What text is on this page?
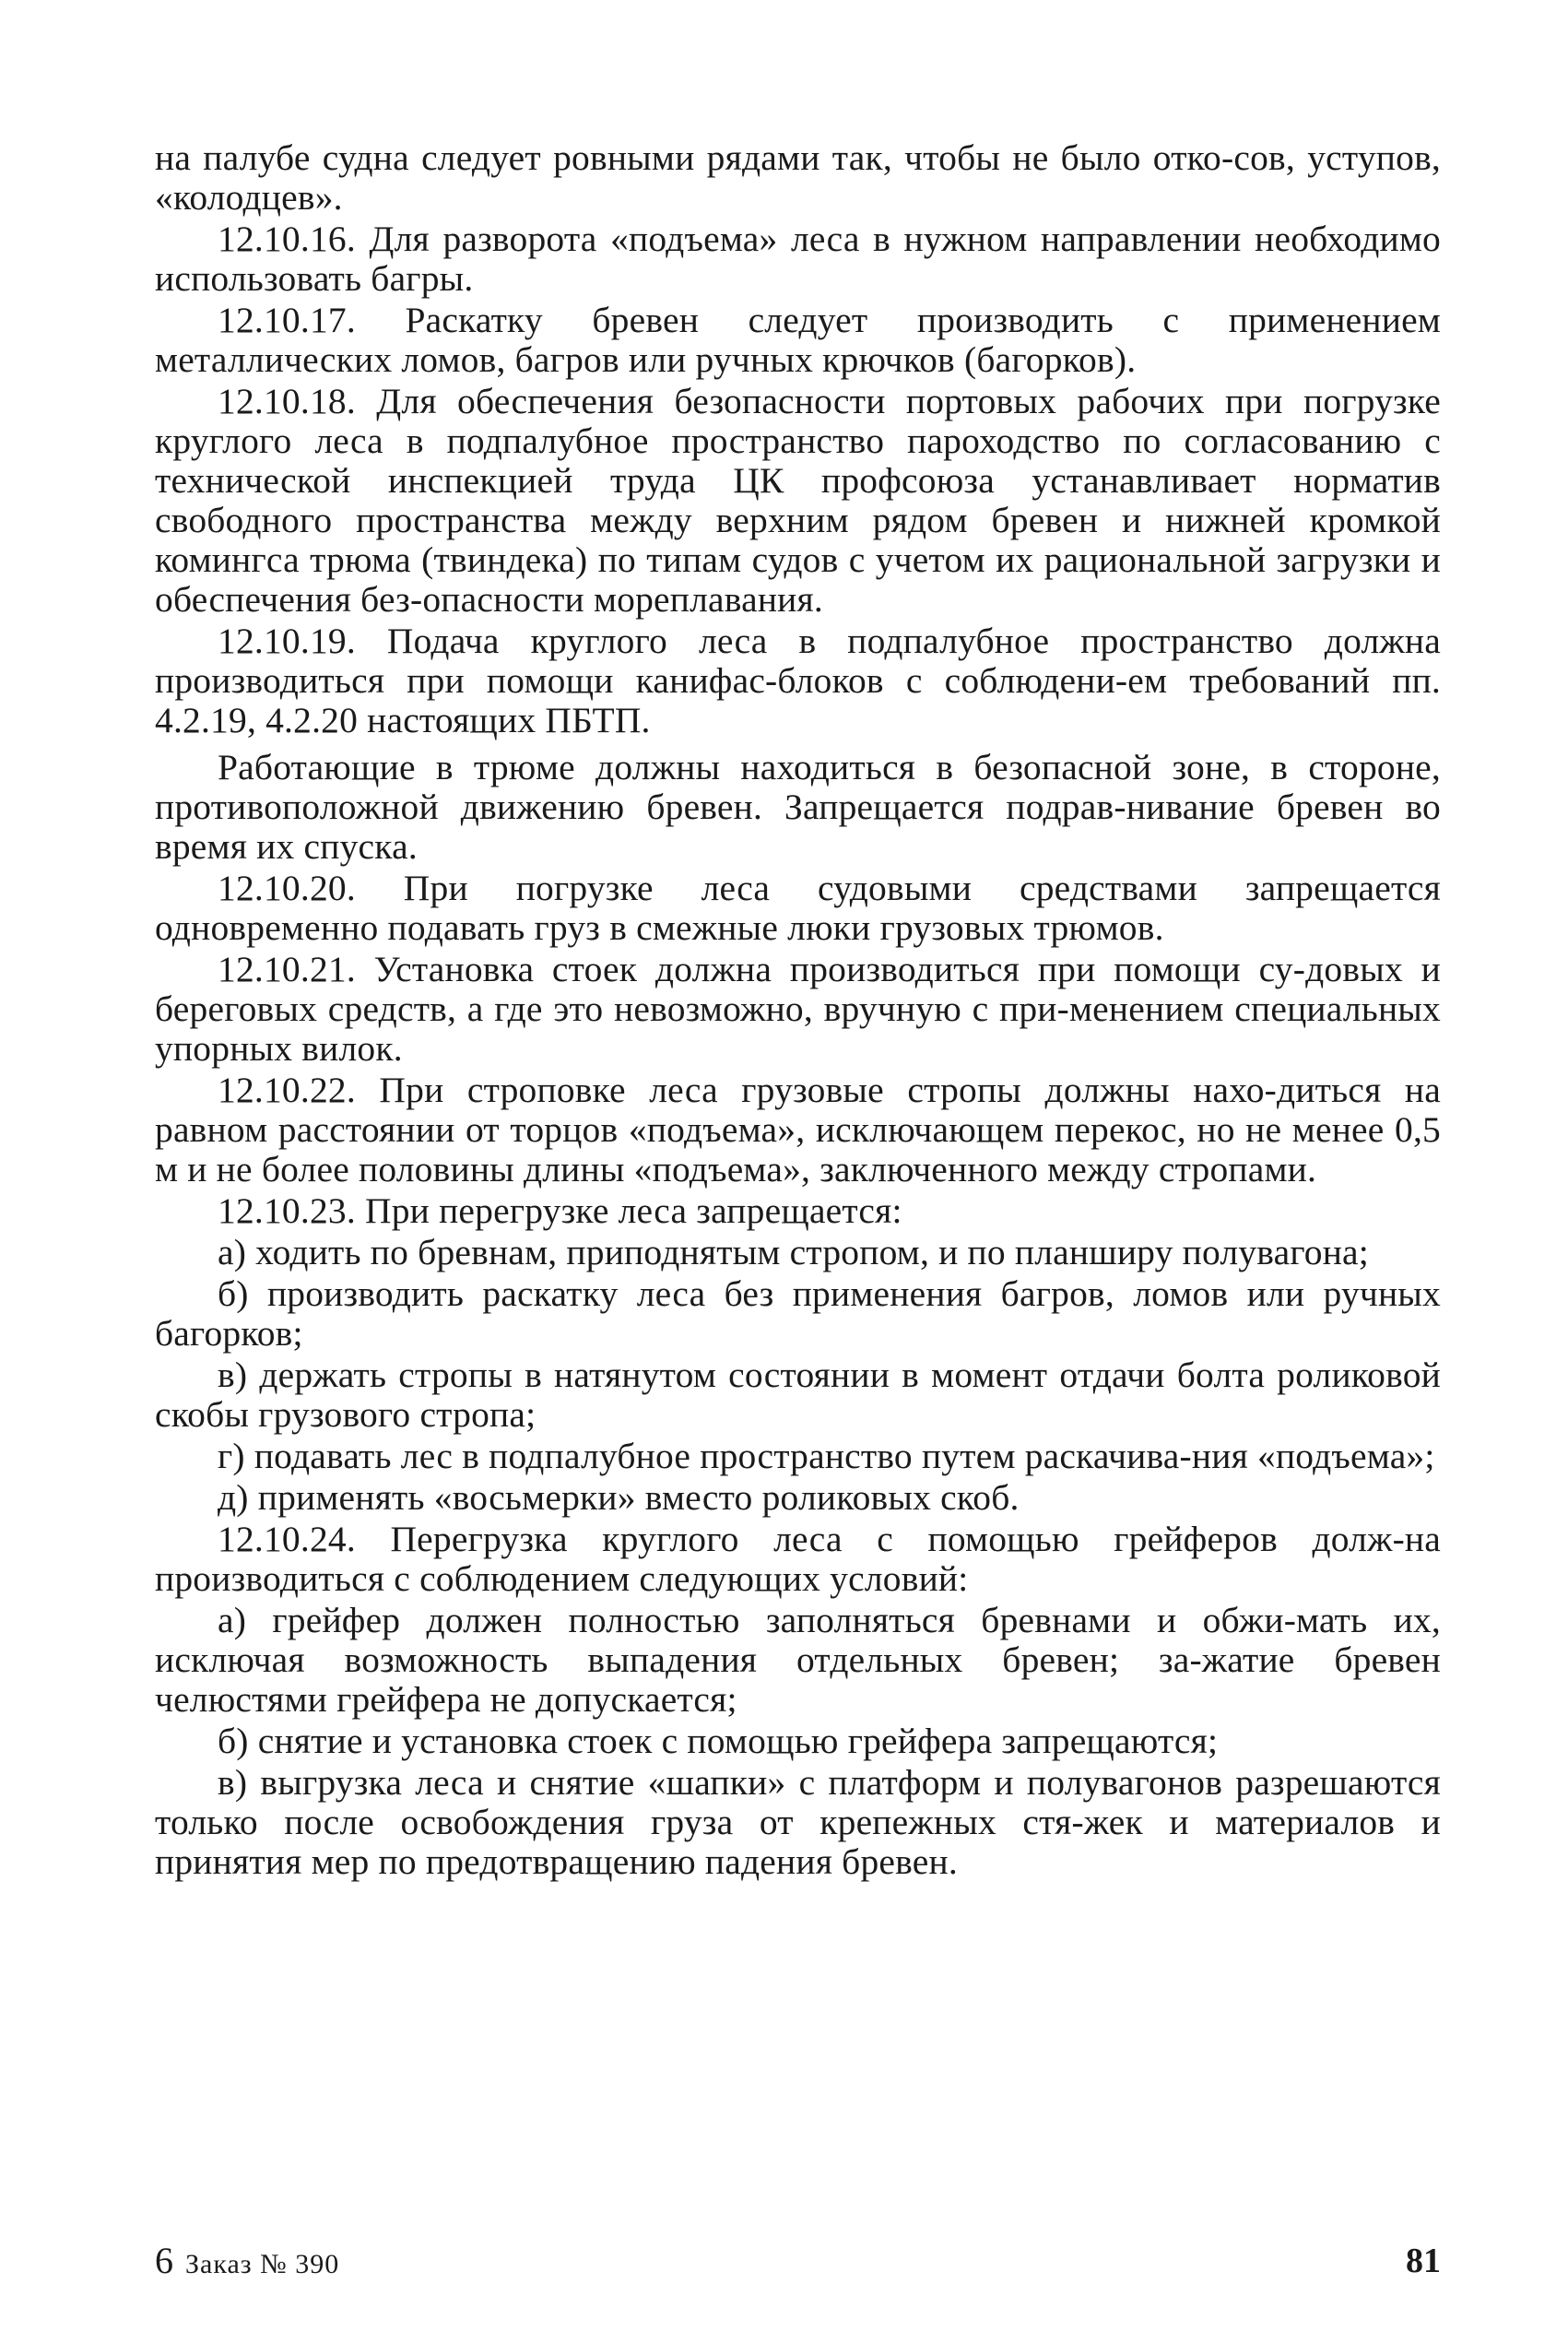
на палубе судна следует ровными рядами так, чтобы не было отко-сов, уступов, «колодцев».

12.10.16. Для разворота «подъема» леса в нужном направлении необходимо использовать багры.

12.10.17. Раскатку бревен следует производить с применением металлических ломов, багров или ручных крючков (багорков).

12.10.18. Для обеспечения безопасности портовых рабочих при погрузке круглого леса в подпалубное пространство пароходство по согласованию с технической инспекцией труда ЦК профсоюза устанавливает норматив свободного пространства между верхним рядом бревен и нижней кромкой комингса трюма (твиндека) по типам судов с учетом их рациональной загрузки и обеспечения без-опасности мореплавания.

12.10.19. Подача круглого леса в подпалубное пространство должна производиться при помощи канифас-блоков с соблюдени-ем требований пп. 4.2.19, 4.2.20 настоящих ПБТП.

Работающие в трюме должны находиться в безопасной зоне, в стороне, противоположной движению бревен. Запрещается подрав-нивание бревен во время их спуска.

12.10.20. При погрузке леса судовыми средствами запрещается одновременно подавать груз в смежные люки грузовых трюмов.

12.10.21. Установка стоек должна производиться при помощи су-довых и береговых средств, а где это невозможно, вручную с при-менением специальных упорных вилок.

12.10.22. При строповке леса грузовые стропы должны нахо-диться на равном расстоянии от торцов «подъема», исключающем перекос, но не менее 0,5 м и не более половины длины «подъема», заключенного между стропами.

12.10.23. При перегрузке леса запрещается:

а) ходить по бревнам, приподнятым стропом, и по планширу полувагона;

б) производить раскатку леса без применения багров, ломов или ручных багорков;

в) держать стропы в натянутом состоянии в момент отдачи болта роликовой скобы грузового стропа;

г) подавать лес в подпалубное пространство путем раскачива-ния «подъема»;

д) применять «восьмерки» вместо роликовых скоб.

12.10.24. Перегрузка круглого леса с помощью грейферов долж-на производиться с соблюдением следующих условий:

а) грейфер должен полностью заполняться бревнами и обжи-мать их, исключая возможность выпадения отдельных бревен; за-жатие бревен челюстями грейфера не допускается;

б) снятие и установка стоек с помощью грейфера запрещаются;

в) выгрузка леса и снятие «шапки» с платформ и полувагонов разрешаются только после освобождения груза от крепежных стя-жек и материалов и принятия мер по предотвращению падения бревен.

6 Заказ № 390	81
